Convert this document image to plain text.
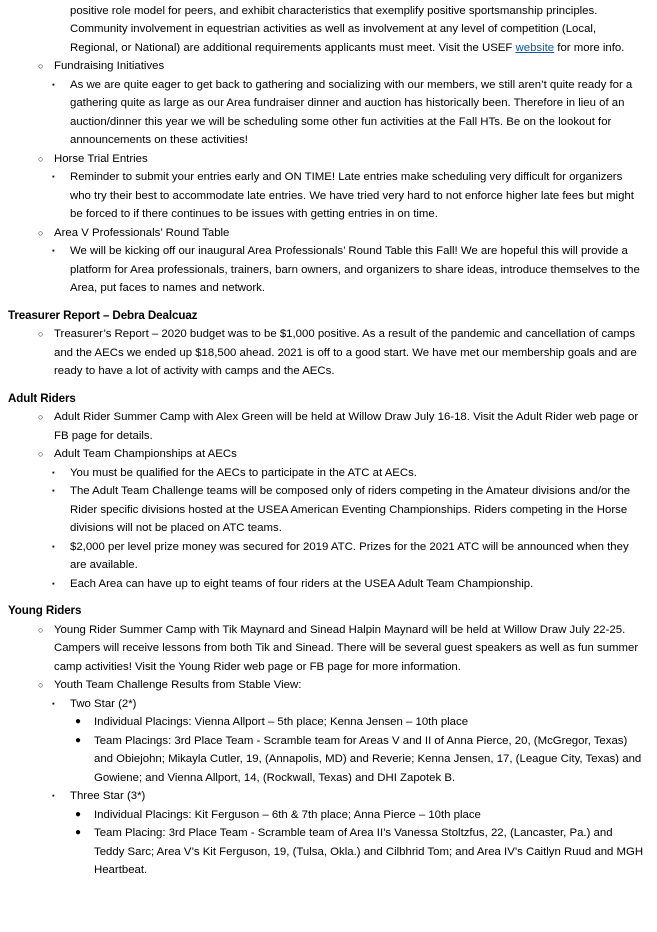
positive role model for peers, and exhibit characteristics that exemplify positive sportsmanship principles. Community involvement in equestrian activities as well as involvement at any level of competition (Local, Regional, or National) are additional requirements applicants must meet. Visit the USEF website for more info.
○ Fundraising Initiatives
▪	As we are quite eager to get back to gathering and socializing with our members, we still aren’t quite ready for a gathering quite as large as our Area fundraiser dinner and auction has historically been. Therefore in lieu of an auction/dinner this year we will be scheduling some other fun activities at the Fall HTs. Be on the lookout for announcements on these activities!
○ Horse Trial Entries
▪	Reminder to submit your entries early and ON TIME! Late entries make scheduling very difficult for organizers who try their best to accommodate late entries. We have tried very hard to not enforce higher late fees but might be forced to if there continues to be issues with getting entries in on time.
○ Area V Professionals’ Round Table
▪	We will be kicking off our inaugural Area Professionals’ Round Table this Fall! We are hopeful this will provide a platform for Area professionals, trainers, barn owners, and organizers to share ideas, introduce themselves to the Area, put faces to names and network.
Treasurer Report – Debra Dealcuaz
○ Treasurer’s Report – 2020 budget was to be $1,000 positive. As a result of the pandemic and cancellation of camps and the AECs we ended up $18,500 ahead. 2021 is off to a good start. We have met our membership goals and are ready to have a lot of activity with camps and the AECs.
Adult Riders
○ Adult Rider Summer Camp with Alex Green will be held at Willow Draw July 16-18. Visit the Adult Rider web page or FB page for details.
○ Adult Team Championships at AECs
▪	You must be qualified for the AECs to participate in the ATC at AECs.
▪	The Adult Team Challenge teams will be composed only of riders competing in the Amateur divisions and/or the Rider specific divisions hosted at the USEA American Eventing Championships. Riders competing in the Horse divisions will not be placed on ATC teams.
▪	$2,000 per level prize money was secured for 2019 ATC. Prizes for the 2021 ATC will be announced when they are available.
▪	Each Area can have up to eight teams of four riders at the USEA Adult Team Championship.
Young Riders
○ Young Rider Summer Camp with Tik Maynard and Sinead Halpin Maynard will be held at Willow Draw July 22-25. Campers will receive lessons from both Tik and Sinead. There will be several guest speakers as well as fun summer camp activities! Visit the Young Rider web page or FB page for more information.
○ Youth Team Challenge Results from Stable View:
▪	Two Star (2*)
●	Individual Placings: Vienna Allport – 5th place; Kenna Jensen – 10th place
●	Team Placings: 3rd Place Team - Scramble team for Areas V and II of Anna Pierce, 20, (McGregor, Texas) and Obiejohn; Mikayla Cutler, 19, (Annapolis, MD) and Reverie; Kenna Jensen, 17, (League City, Texas) and Gowiene; and Vienna Allport, 14, (Rockwall, Texas) and DHI Zapotek B.
▪	Three Star (3*)
●	Individual Placings: Kit Ferguson – 6th & 7th place; Anna Pierce – 10th place
●	Team Placing: 3rd Place Team - Scramble team of Area II’s Vanessa Stoltzfus, 22, (Lancaster, Pa.) and Teddy Sarc; Area V’s Kit Ferguson, 19, (Tulsa, Okla.) and Cilbhrid Tom; and Area IV’s Caitlyn Ruud and MGH Heartbeat.
